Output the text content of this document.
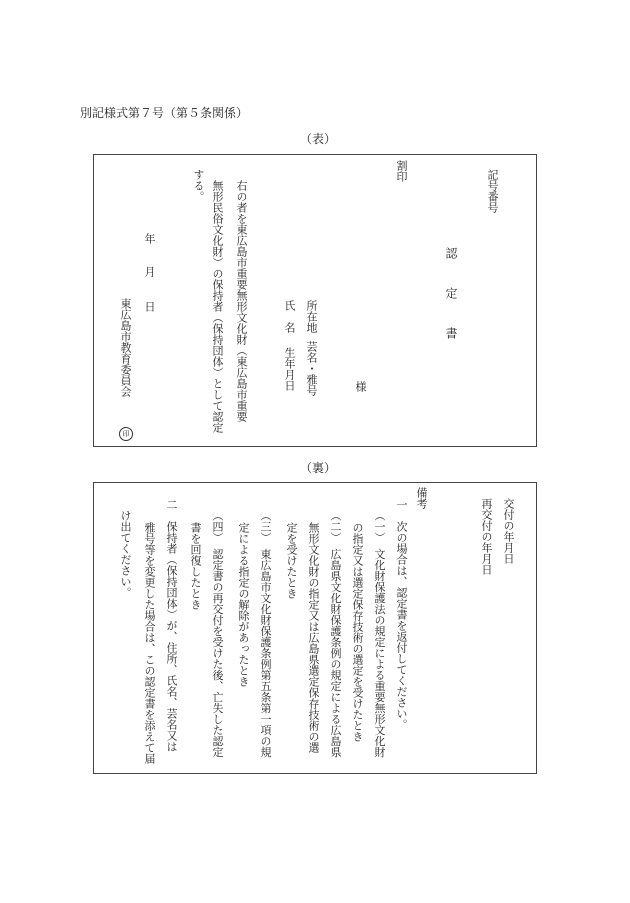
別記様式第７号（第５条関係）
（表）
記号番号
割印
認定書
様
所在地
芸名・雅号
氏　名
生年月日
右の者を東広島市重要無形文化財（東広島市重要
無形民俗文化財）の保持者（保持団体）として認定
する。
年
月
日
東広島市教育委員会
印
（裏）
交付の年月日
再交付の年月日
備考
一　次の場合は、認定書を返付してください。
（一）　文化財保護法の規定による重要無形文化財
の指定又は選定保存技術の選定を受けたとき
（二）　広島県文化財保護条例の規定による広島県
無形文化財の指定又は広島県選定保存技術の選
定を受けたとき
（三）　東広島市文化財保護条例第五条第一項の規
定による指定の解除があったとき
（四）　認定書の再交付を受けた後、亡失した認定
書を回復したとき
二　保持者（保持団体）が、住所、氏名、芸名又は
雅号等を変更した場合は、この認定書を添えて届
け出てください。
